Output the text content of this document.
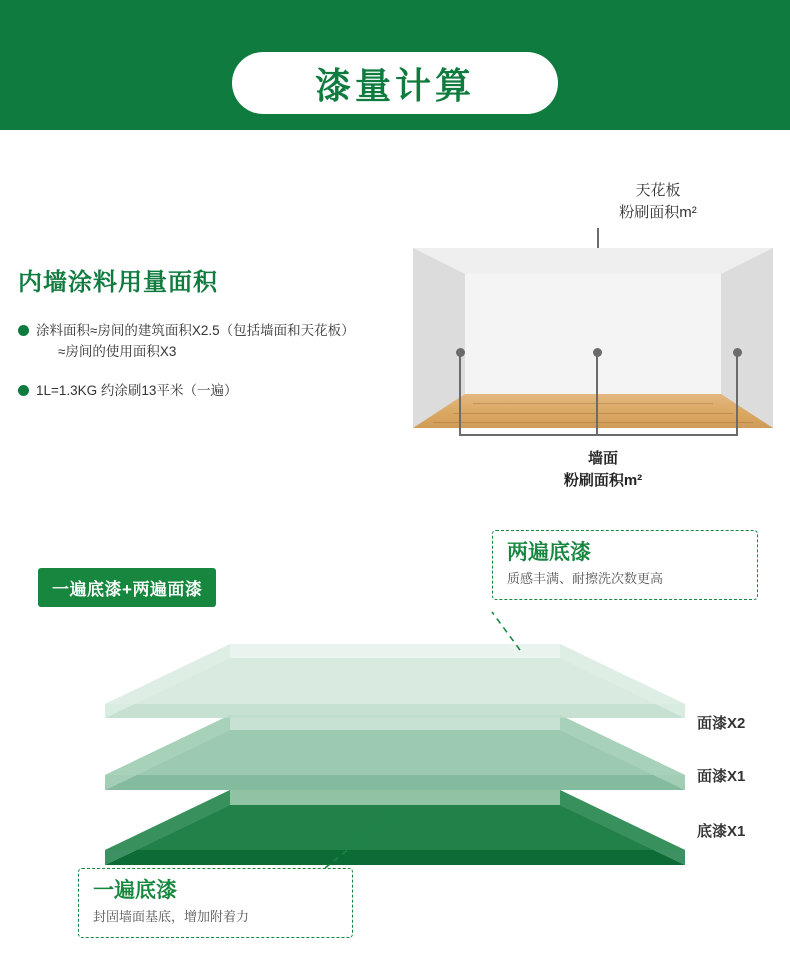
漆量计算
内墙涂料用量面积
涂料面积≈房间的建筑面积X2.5（包括墙面和天花板）
≈房间的使用面积X3
1L=1.3KG 约涂刷13平米（一遍）
天花板
粉刷面积m²
墙面
粉刷面积m²
一遍底漆+两遍面漆
两遍底漆
质感丰满、耐擦洗次数更高
一遍底漆
封固墙面基底，增加附着力
面漆X2
面漆X1
底漆X1
